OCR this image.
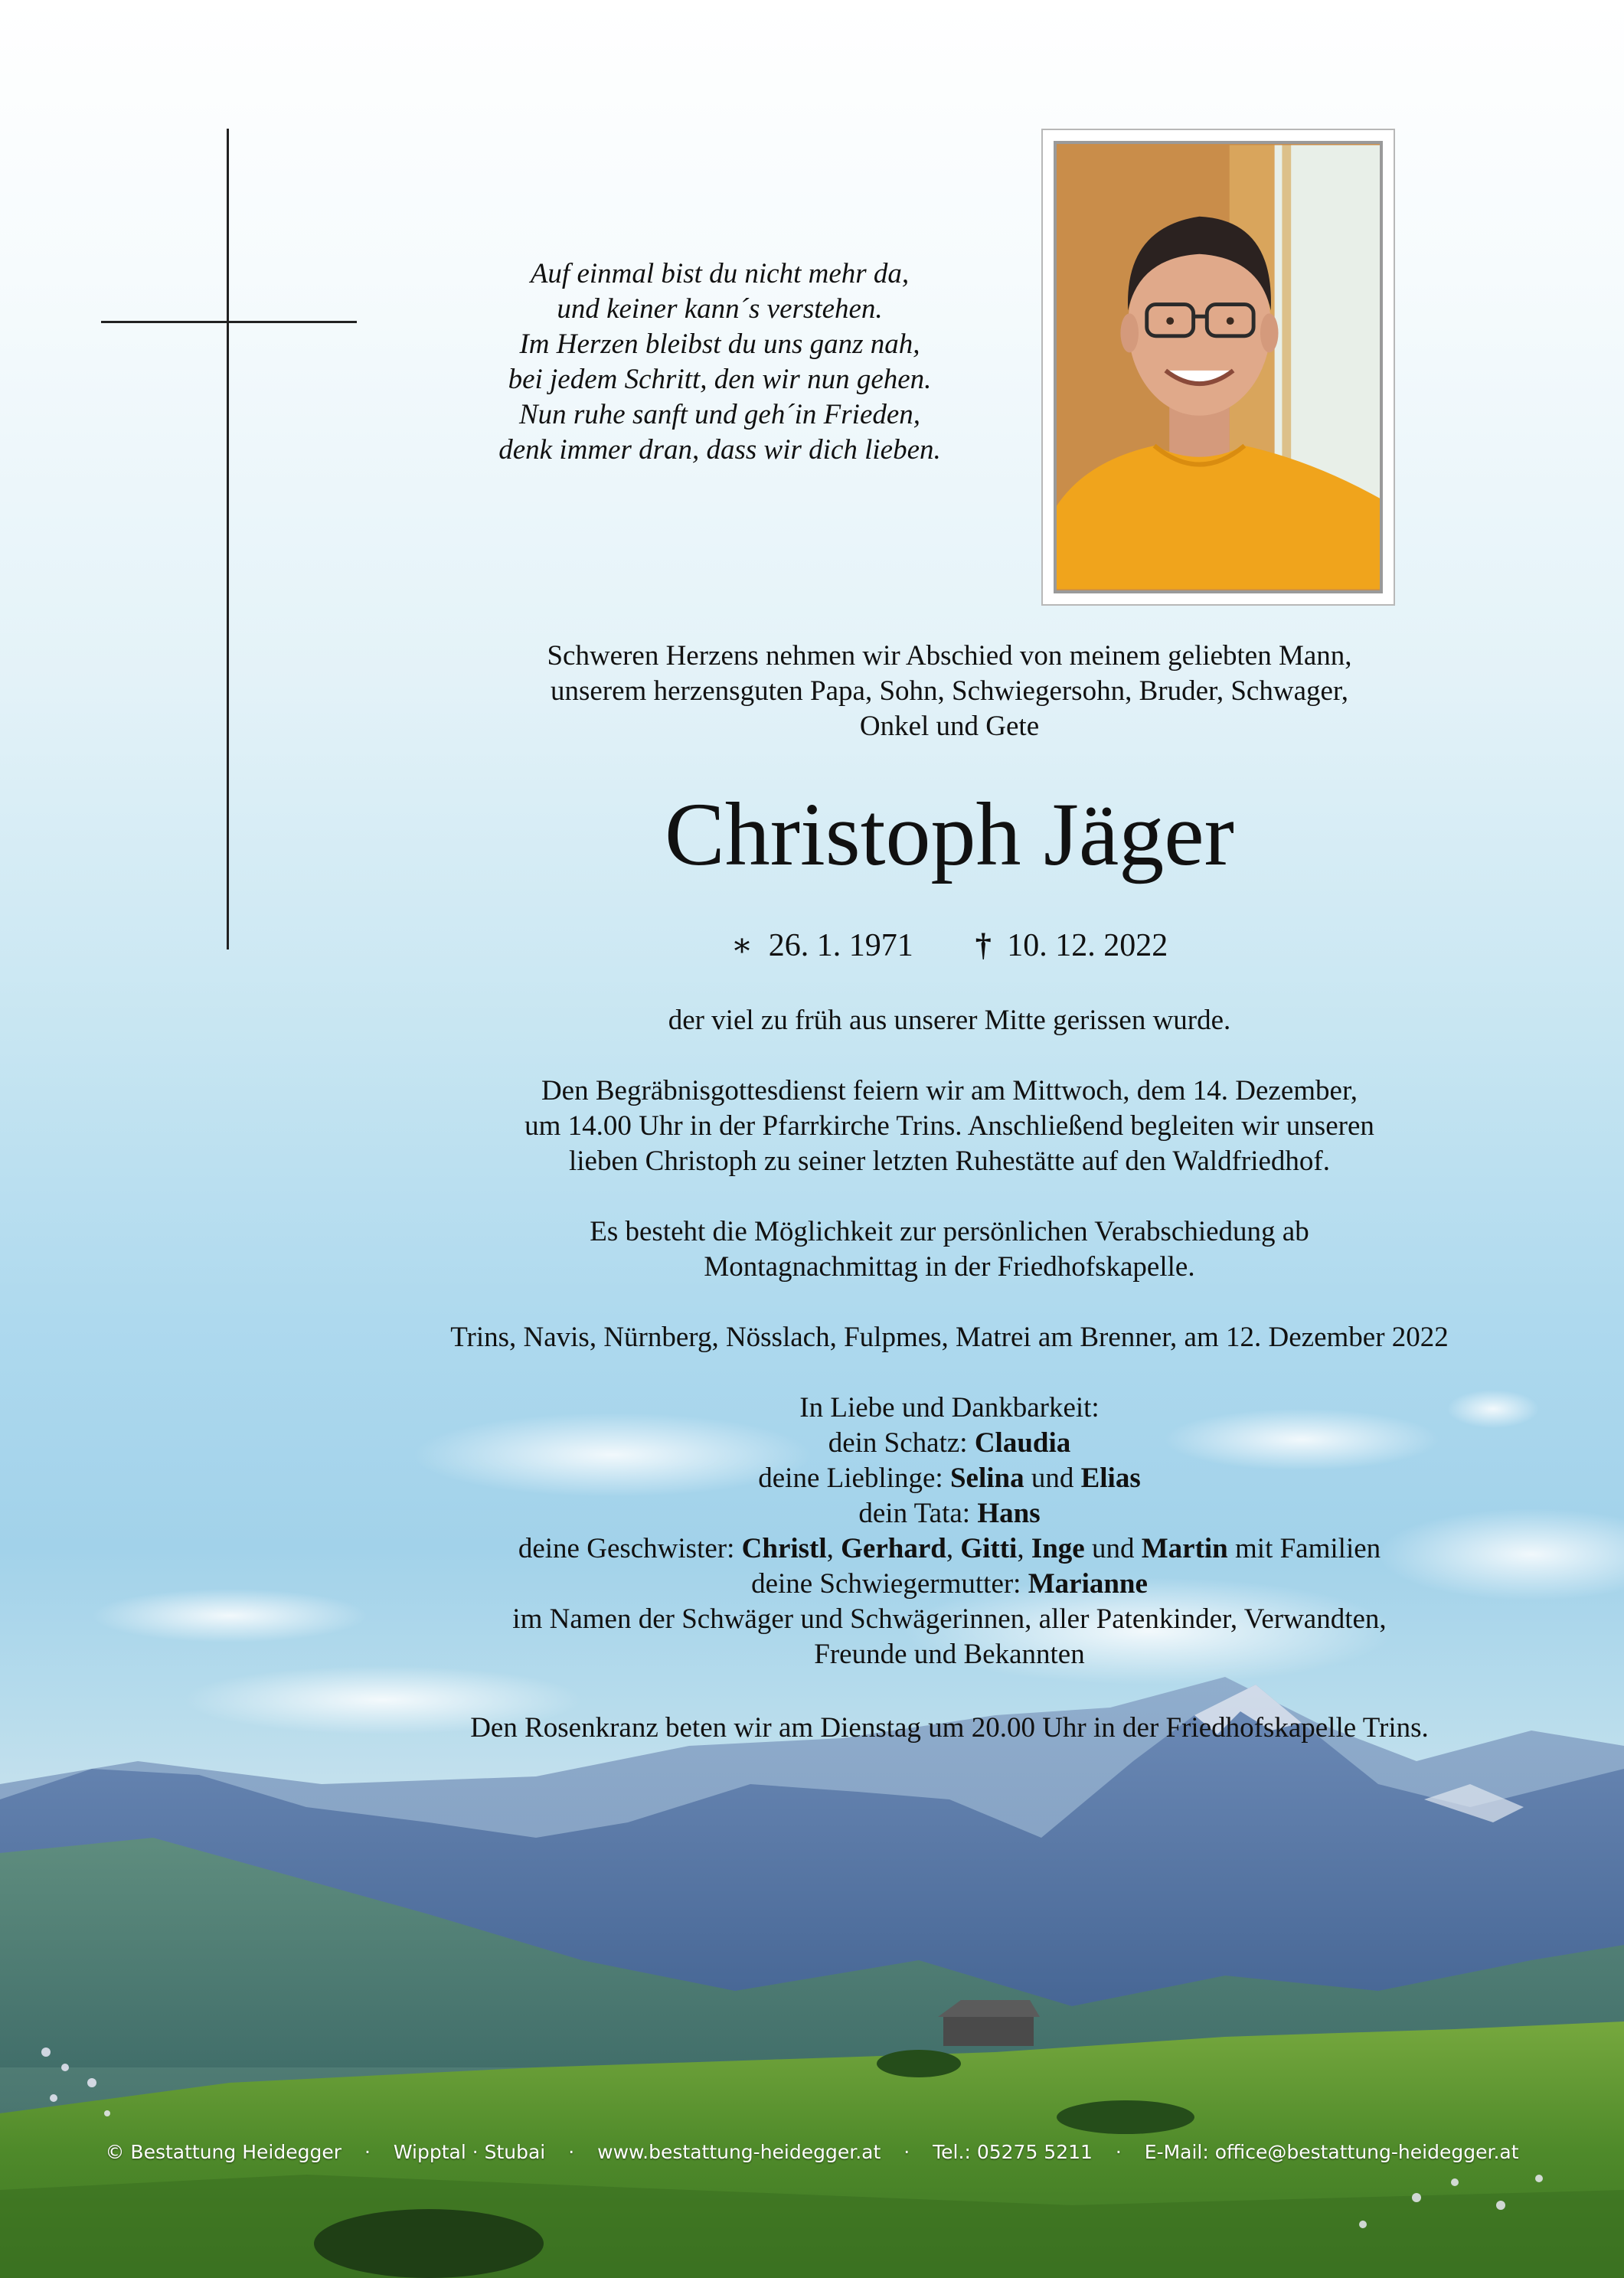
Auf einmal bist du nicht mehr da,
und keiner kann´s verstehen.
Im Herzen bleibst du uns ganz nah,
bei jedem Schritt, den wir nun gehen.
Nun ruhe sanft und geh´in Frieden,
denk immer dran, dass wir dich lieben.
Schweren Herzens nehmen wir Abschied von meinem geliebten Mann,
unserem herzensguten Papa, Sohn, Schwiegersohn, Bruder, Schwager,
Onkel und Gete
Christoph Jäger
∗ 26. 1. 1971 † 10. 12. 2022
der viel zu früh aus unserer Mitte gerissen wurde.
Den Begräbnisgottesdienst feiern wir am Mittwoch, dem 14. Dezember,
um 14.00 Uhr in der Pfarrkirche Trins. Anschließend begleiten wir unseren
lieben Christoph zu seiner letzten Ruhestätte auf den Waldfriedhof.
Es besteht die Möglichkeit zur persönlichen Verabschiedung ab
Montagnachmittag in der Friedhofskapelle.
Trins, Navis, Nürnberg, Nösslach, Fulpmes, Matrei am Brenner, am 12. Dezember 2022
In Liebe und Dankbarkeit:
dein Schatz: Claudia
deine Lieblinge: Selina und Elias
dein Tata: Hans
deine Geschwister: Christl, Gerhard, Gitti, Inge und Martin mit Familien
deine Schwiegermutter: Marianne
im Namen der Schwäger und Schwägerinnen, aller Patenkinder, Verwandten,
Freunde und Bekannten
Den Rosenkranz beten wir am Dienstag um 20.00 Uhr in der Friedhofskapelle Trins.
© Bestattung Heidegger · Wipptal · Stubai · www.bestattung-heidegger.at · Tel.: 05275 5211 · E-Mail: office@bestattung-heidegger.at
